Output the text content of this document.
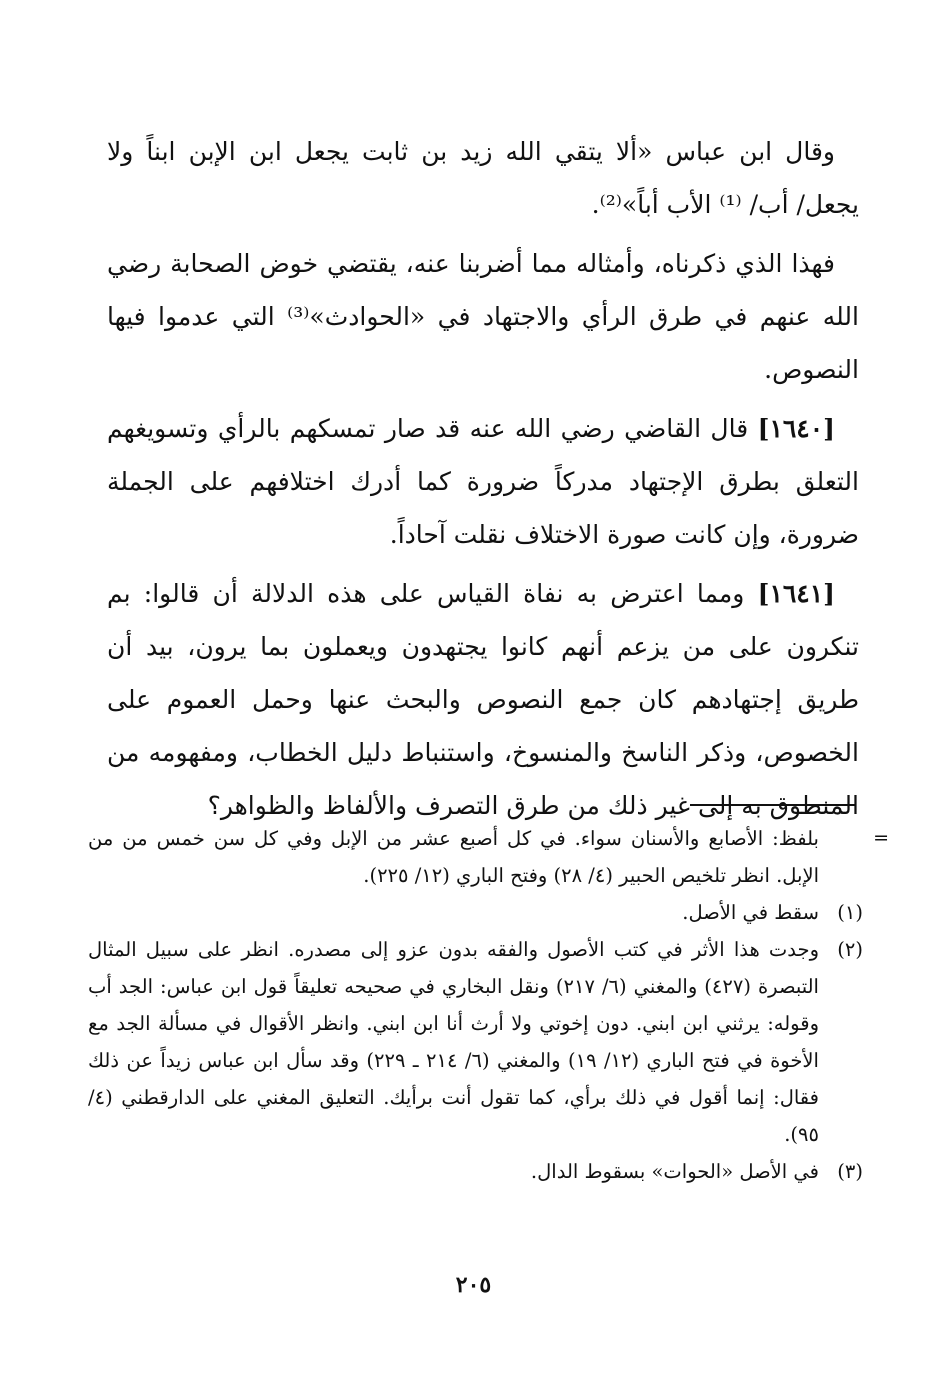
وقال ابن عباس «ألا يتقي الله زيد بن ثابت يجعل ابن الإبن ابناً ولا يجعل/ أب/ ⁽¹⁾ الأب أباً»⁽²⁾.

فهذا الذي ذكرناه، وأمثاله مما أضربنا عنه، يقتضي خوض الصحابة رضي الله عنهم في طرق الرأي والاجتهاد في «الحوادث»⁽³⁾ التي عدموا فيها النصوص.

[١٦٤٠] قال القاضي رضي الله عنه قد صار تمسكهم بالرأي وتسويغهم التعلق بطرق الإجتهاد مدركاً ضرورة كما أدرك اختلافهم على الجملة ضرورة، وإن كانت صورة الاختلاف نقلت آحاداً.

[١٦٤١] ومما اعترض به نفاة القياس على هذه الدلالة أن قالوا: بم تنكرون على من يزعم أنهم كانوا يجتهدون ويعملون بما يرون، بيد أن طريق إجتهادهم كان جمع النصوص والبحث عنها وحمل العموم على الخصوص، وذكر الناسخ والمنسوخ، واستنباط دليل الخطاب، ومفهومه من المنطوق به إلى غير ذلك من طرق التصرف والألفاظ والظواهر؟

=
بلفظ: الأصابع والأسنان سواء. في كل أصبع عشر من الإبل وفي كل سن خمس من من الإبل. انظر تلخيص الحبير (٤/ ٢٨) وفتح الباري (١٢/ ٢٢٥).
(١)
سقط في الأصل.
(٢)
وجدت هذا الأثر في كتب الأصول والفقه بدون عزو إلى مصدره. انظر على سبيل المثال التبصرة (٤٢٧) والمغني (٦/ ٢١٧) ونقل البخاري في صحيحه تعليقاً قول ابن عباس: الجد أب وقوله: يرثني ابن ابني. دون إخوتي ولا أرث أنا ابن ابني. وانظر الأقوال في مسألة الجد مع الأخوة في فتح الباري (١٢/ ١٩) والمغني (٦/ ٢١٤ ـ ٢٢٩) وقد سأل ابن عباس زيداً عن ذلك فقال: إنما أقول في ذلك برأي، كما تقول أنت برأيك. التعليق المغني على الدارقطني (٤/ ٩٥).
(٣)
في الأصل «الحوات» بسقوط الدال.
٢٠٥
